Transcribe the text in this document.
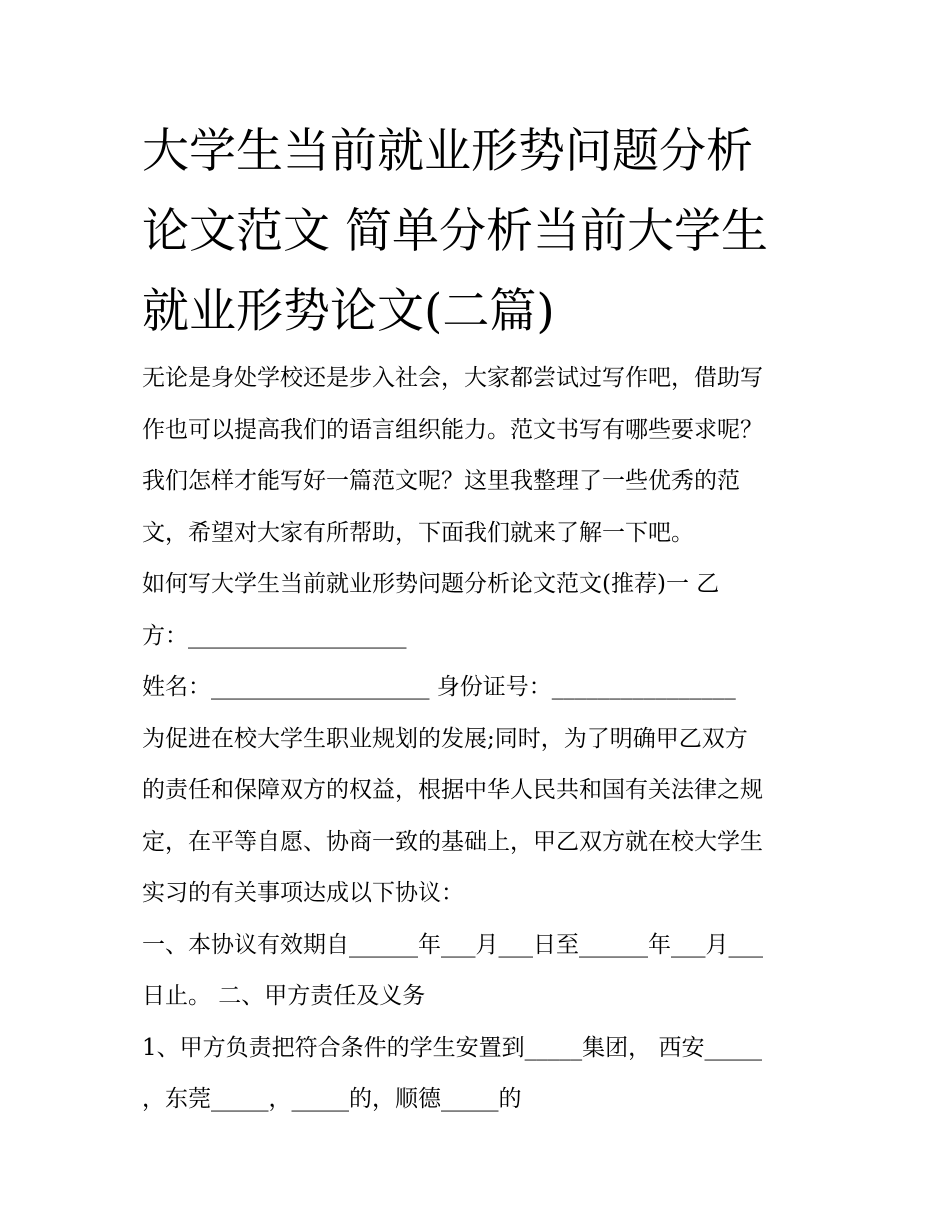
大学生当前就业形势问题分析
论文范文 简单分析当前大学生
就业形势论文(二篇)

无论是身处学校还是步入社会，大家都尝试过写作吧，借助写

作也可以提高我们的语言组织能力。范文书写有哪些要求呢？

我们怎样才能写好一篇范文呢？这里我整理了一些优秀的范

文，希望对大家有所帮助，下面我们就来了解一下吧。

如何写大学生当前就业形势问题分析论文范文(推荐)一 乙

方：___________________

姓名：___________________ 身份证号：________________

为促进在校大学生职业规划的发展;同时，为了明确甲乙双方

的责任和保障双方的权益，根据中华人民共和国有关法律之规

定，在平等自愿、协商一致的基础上，甲乙双方就在校大学生

实习的有关事项达成以下协议：

一、本协议有效期自______年___月___日至______年___月___

日止。 二、甲方责任及义务

1、甲方负责把符合条件的学生安置到_____集团， 西安_____

，东莞_____，_____的，顺德_____的
